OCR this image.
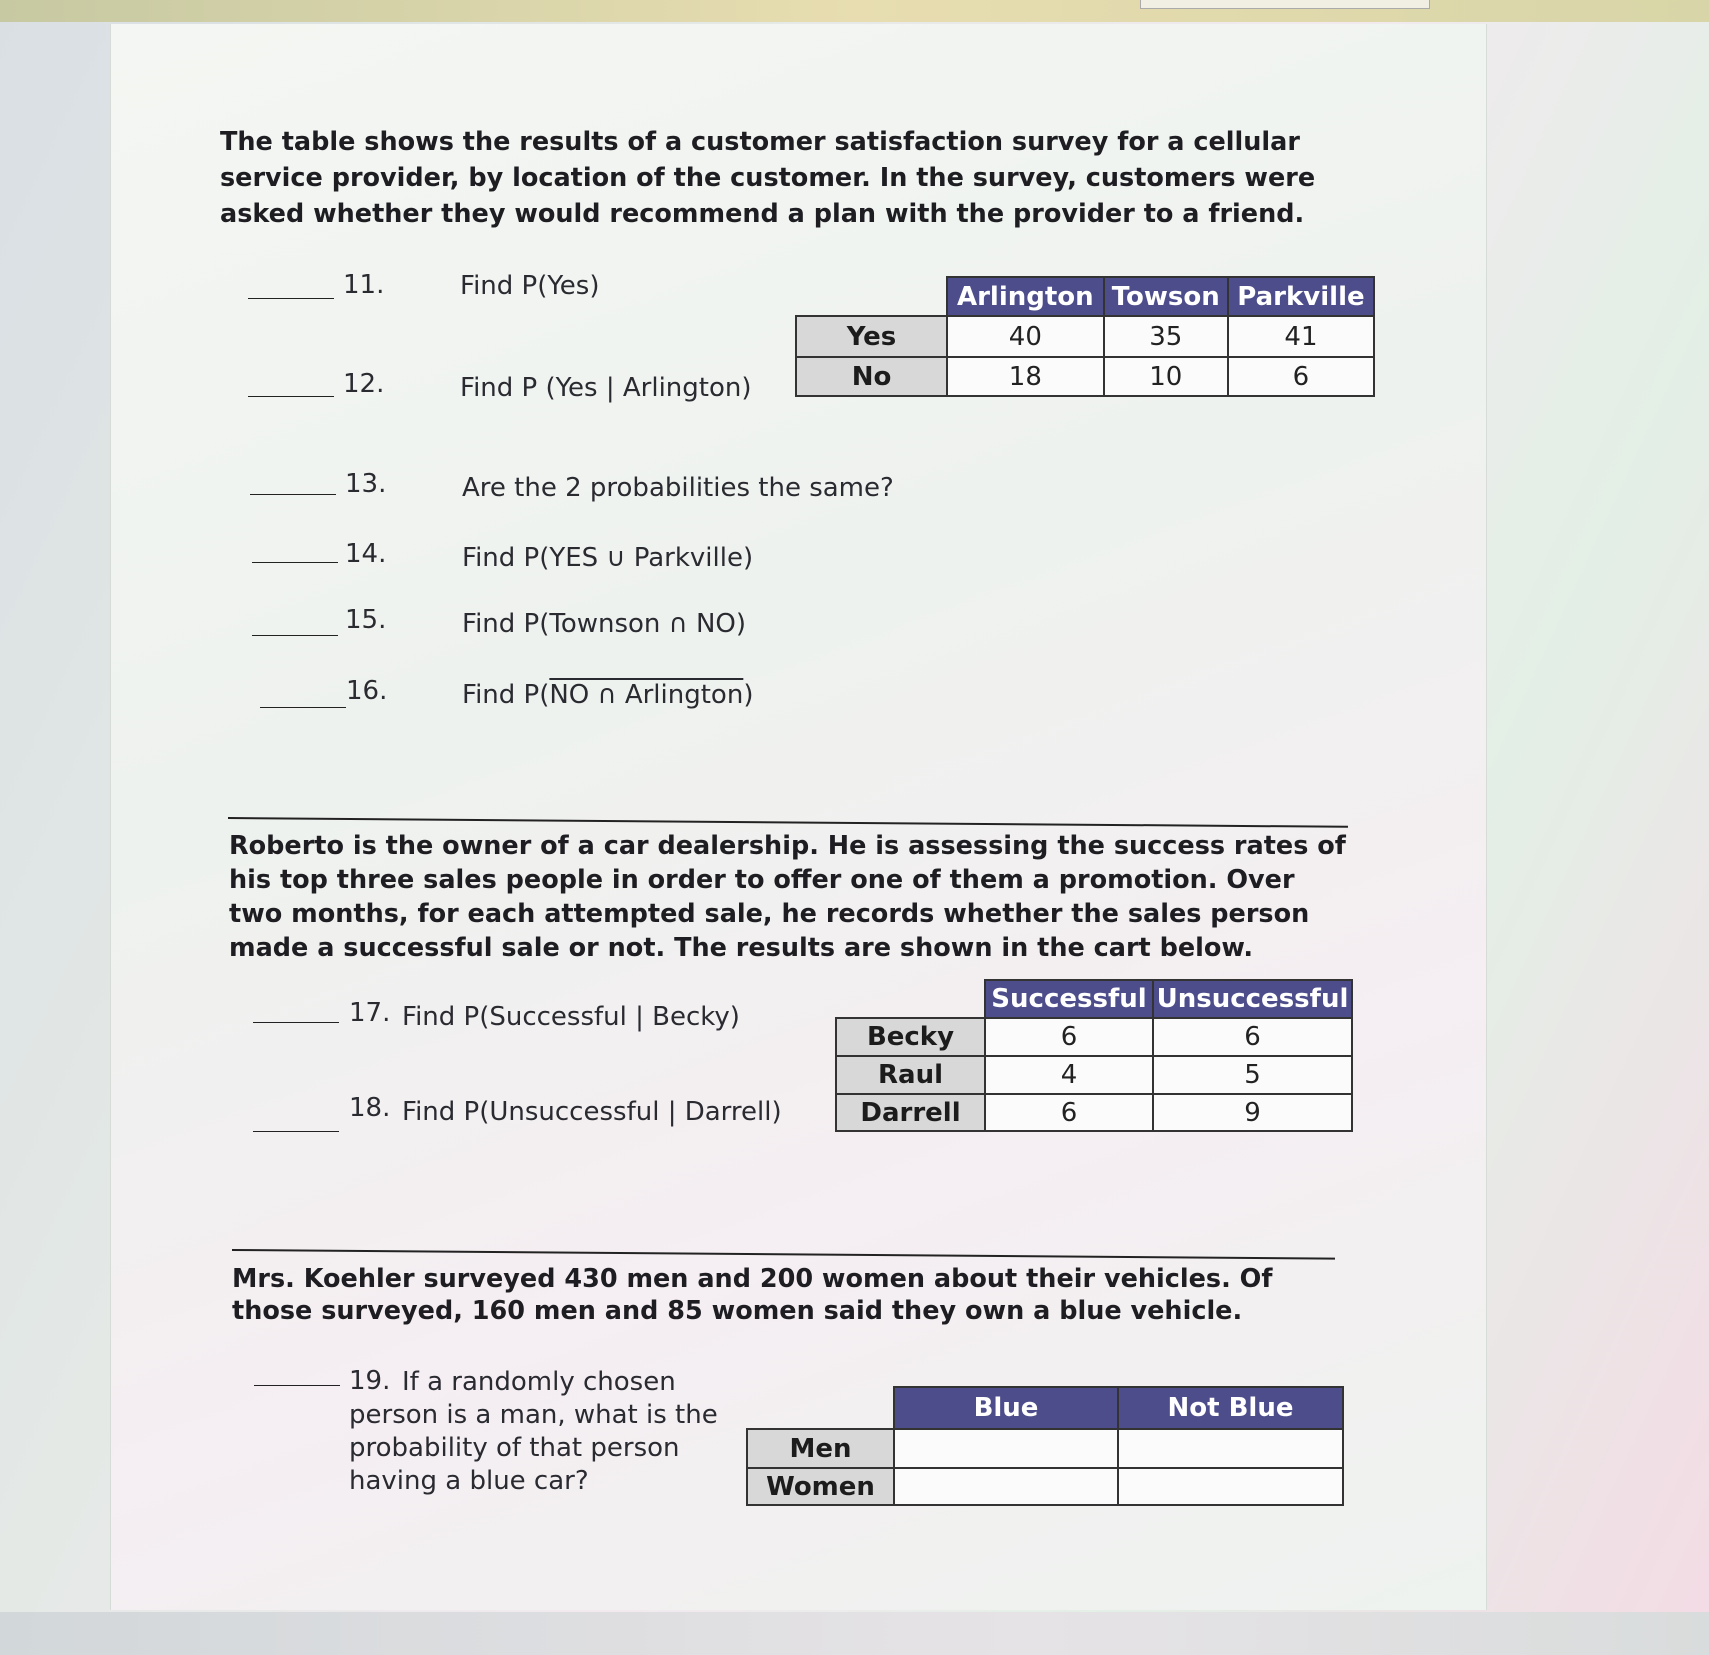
The table shows the results of a customer satisfaction survey for a cellular service provider, by location of the customer. In the survey, customers were asked whether they would recommend a plan with the provider to a friend.
11.	Find P(Yes)
12.	Find P (Yes | Arlington)
13.	Are the 2 probabilities the same?
14.	Find P(YES ∪ Parkville)
15.	Find P(Townson ∩ NO)
16.	Find P(NO ∩ Arlington)
	Arlington	Towson	Parkville
Yes	40	35	41
No	18	10	6
Roberto is the owner of a car dealership. He is assessing the success rates of his top three sales people in order to offer one of them a promotion. Over two months, for each attempted sale, he records whether the sales person made a successful sale or not. The results are shown in the cart below.
17. Find P(Successful | Becky)
18. Find P(Unsuccessful | Darrell)
	Successful	Unsuccessful
Becky	6	6
Raul	4	5
Darrell	6	9
Mrs. Koehler surveyed 430 men and 200 women about their vehicles. Of those surveyed, 160 men and 85 women said they own a blue vehicle.
19. If a randomly chosen person is a man, what is the probability of that person having a blue car?
	Blue	Not Blue
Men		
Women		
